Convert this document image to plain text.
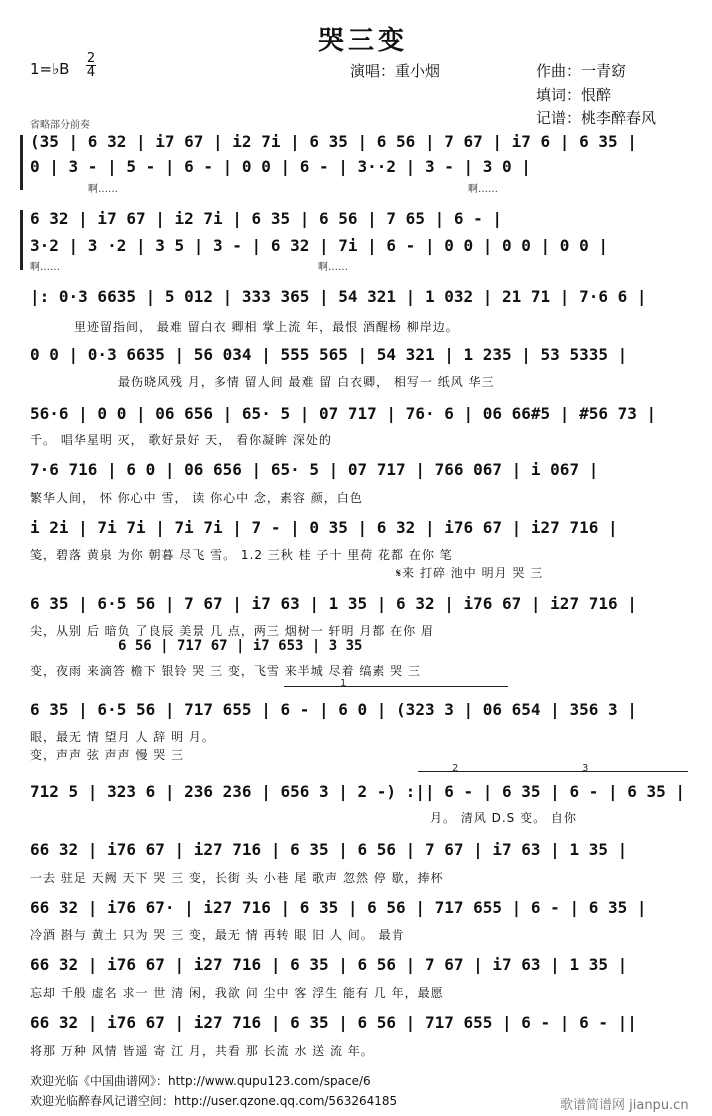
哭三变
1=♭B
2
4	演唱：重小烟	作曲：一青窈
填词：恨醉
记谱：桃李醉春风
省略部分前奏
(35 | 6 32 | i7 67 | i2 7i | 6 35 | 6 56 | 7 67 | i7 6 | 6 35 |
0 | 3 - | 5 - | 6 - | 0 0 | 6 - | 3··2 | 3 - | 3 0 |
啊……	啊……
6 32 | i7 67 | i2 7i | 6 35 | 6 56 | 7 65 | 6 - |
3·2 | 3 ·2 | 3 5 | 3 - | 6 32 | 7i | 6 - | 0 0 | 0 0 | 0 0 |
啊……	啊……
|: 0·3 6635 | 5 012 | 333 365 | 54 321 | 1 032 | 21 71 | 7·6 6 |
里迹留指间， 最难 留白衣 卿相 掌上流 年，最恨 酒醒杨 柳岸边。
0 0 | 0·3 6635 | 56 034 | 555 565 | 54 321 | 1 235 | 53 5335 |
最伤晓风残 月，多情 留人间 最难 留 白衣卿， 相写一 纸风 华三
56·6 | 0 0 | 06 656 | 65· 5 | 07 717 | 76· 6 | 06 66#5 | #56 73 |
千。 唱华星明 灭， 歌好景好 天， 看你凝眸 深处的
7·6 716 | 6 0 | 06 656 | 65· 5 | 07 717 | 766 067 | i 067 |
繁华人间， 怀 你心中 雪， 读 你心中 念，素容 颜，白色
i 2i | 7i 7i | 7i 7i | 7 - | 0 35 | 6 32 | i76 67 | i27 716 |
笺，碧落 黄泉 为你 朝暮 尽飞 雪。 1.2 三秋 桂 子十 里荷 花都 在你 笔
𝄋来 打碎 池中 明月 哭 三
6 35 | 6·5 56 | 7 67 | i7 63 | 1 35 | 6 32 | i76 67 | i27 716 |
尖，从别 后 暗负 了良辰 美景 几 点，两三 烟树一 轩明 月都 在你 眉
6 56 | 717 67 | i7 653 | 3 35
变，夜雨 来滴答 檐下 银铃 哭 三 变，飞雪 来半城 尽着 缟素 哭 三
1
6 35 | 6·5 56 | 717 655 | 6 - | 6 0 | (323 3 | 06 654 | 356 3 |
眼，最无 情 望月 人 辞 明 月。
变，声声 弦 声声 慢 哭 三
2	3
712 5 | 323 6 | 236 236 | 656 3 | 2 -) :|| 6 - | 6 35 | 6 - | 6 35 |
月。 清风 D.S 变。 自你
66 32 | i76 67 | i27 716 | 6 35 | 6 56 | 7 67 | i7 63 | 1 35 |
一去 驻足 天阙 天下 哭 三 变，长街 头 小巷 尾 歌声 忽然 停 歇，捧杯
66 32 | i76 67· | i27 716 | 6 35 | 6 56 | 717 655 | 6 - | 6 35 |
冷酒 斟与 黄土 只为 哭 三 变，最无 情 再转 眼 旧 人 间。 最肯
66 32 | i76 67 | i27 716 | 6 35 | 6 56 | 7 67 | i7 63 | 1 35 |
忘却 千般 虚名 求一 世 清 闲，我欲 问 尘中 客 浮生 能有 几 年，最愿
66 32 | i76 67 | i27 716 | 6 35 | 6 56 | 717 655 | 6 - | 6 - ||
将那 万种 风情 皆遥 寄 江 月，共看 那 长流 水 送 流 年。
欢迎光临《中国曲谱网》：http://www.qupu123.com/space/6
欢迎光临醉春风记谱空间：http://user.qzone.qq.com/563264185	歌谱简谱网 jianpu.cn
